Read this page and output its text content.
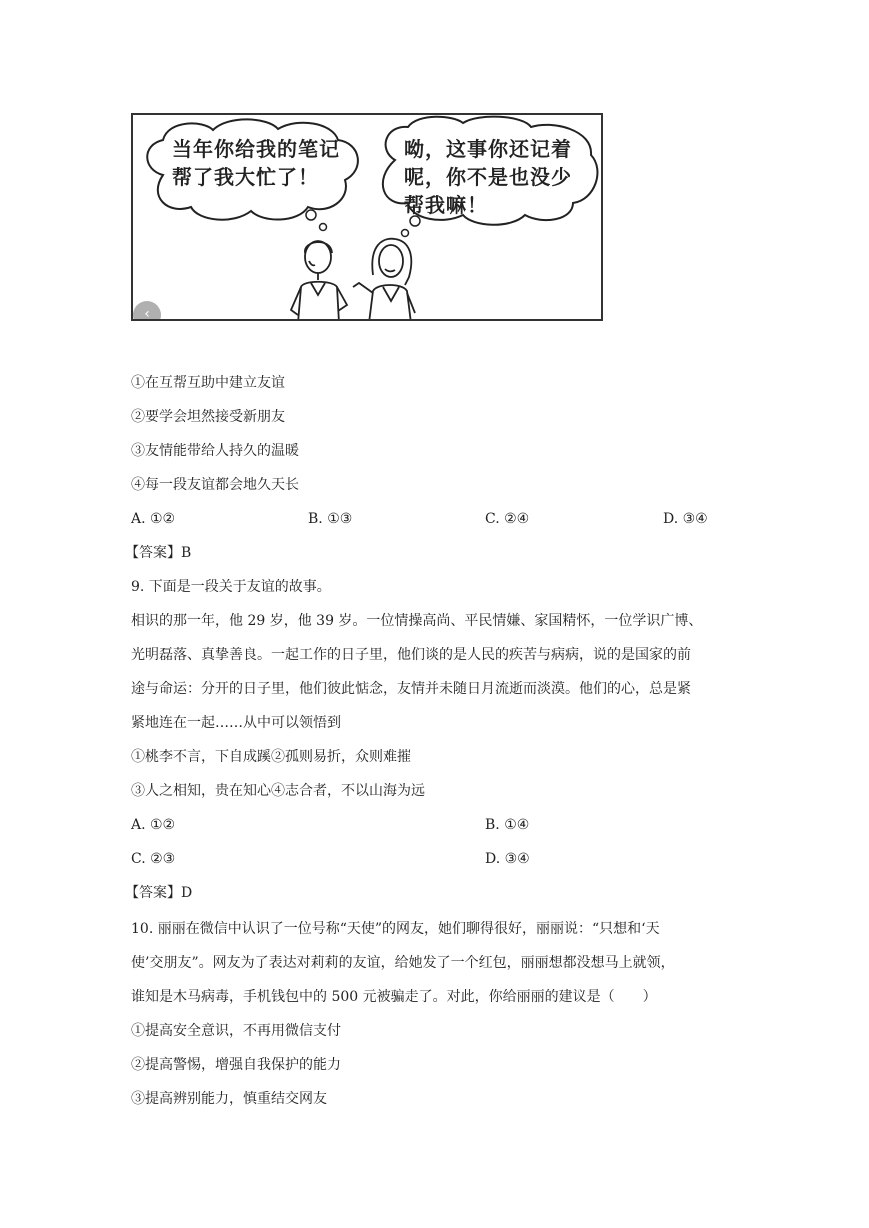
当年你给我的笔记
帮了我大忙了！
呦，这事你还记着
呢，你不是也没少
帮我嘛！
‹
①在互帮互助中建立友谊
②要学会坦然接受新朋友
③友情能带给人持久的温暖
④每一段友谊都会地久天长
A. ①②	B. ①③	C. ②④	D. ③④
【答案】B
9. 下面是一段关于友谊的故事。
相识的那一年，他 29 岁，他 39 岁。一位情操高尚、平民情嫌、家国精怀，一位学识广博、
光明磊落、真挚善良。一起工作的日子里，他们谈的是人民的疾苦与病病，说的是国家的前
途与命运：分开的日子里，他们彼此惦念，友情并未随日月流逝而淡漠。他们的心，总是紧
紧地连在一起……从中可以领悟到
①桃李不言，下自成蹊②孤则易折，众则难摧
③人之相知，贵在知心④志合者，不以山海为远
A. ①②	B. ①④
C. ②③	D. ③④
【答案】D
10. 丽丽在微信中认识了一位号称“天使”的网友，她们聊得很好，丽丽说：“只想和‘天
使’交朋友”。网友为了表达对莉莉的友谊，给她发了一个红包，丽丽想都没想马上就领，
谁知是木马病毒，手机钱包中的 500 元被骗走了。对此，你给丽丽的建议是（　　）
①提高安全意识，不再用微信支付
②提高警惕，增强自我保护的能力
③提高辨别能力，慎重结交网友
